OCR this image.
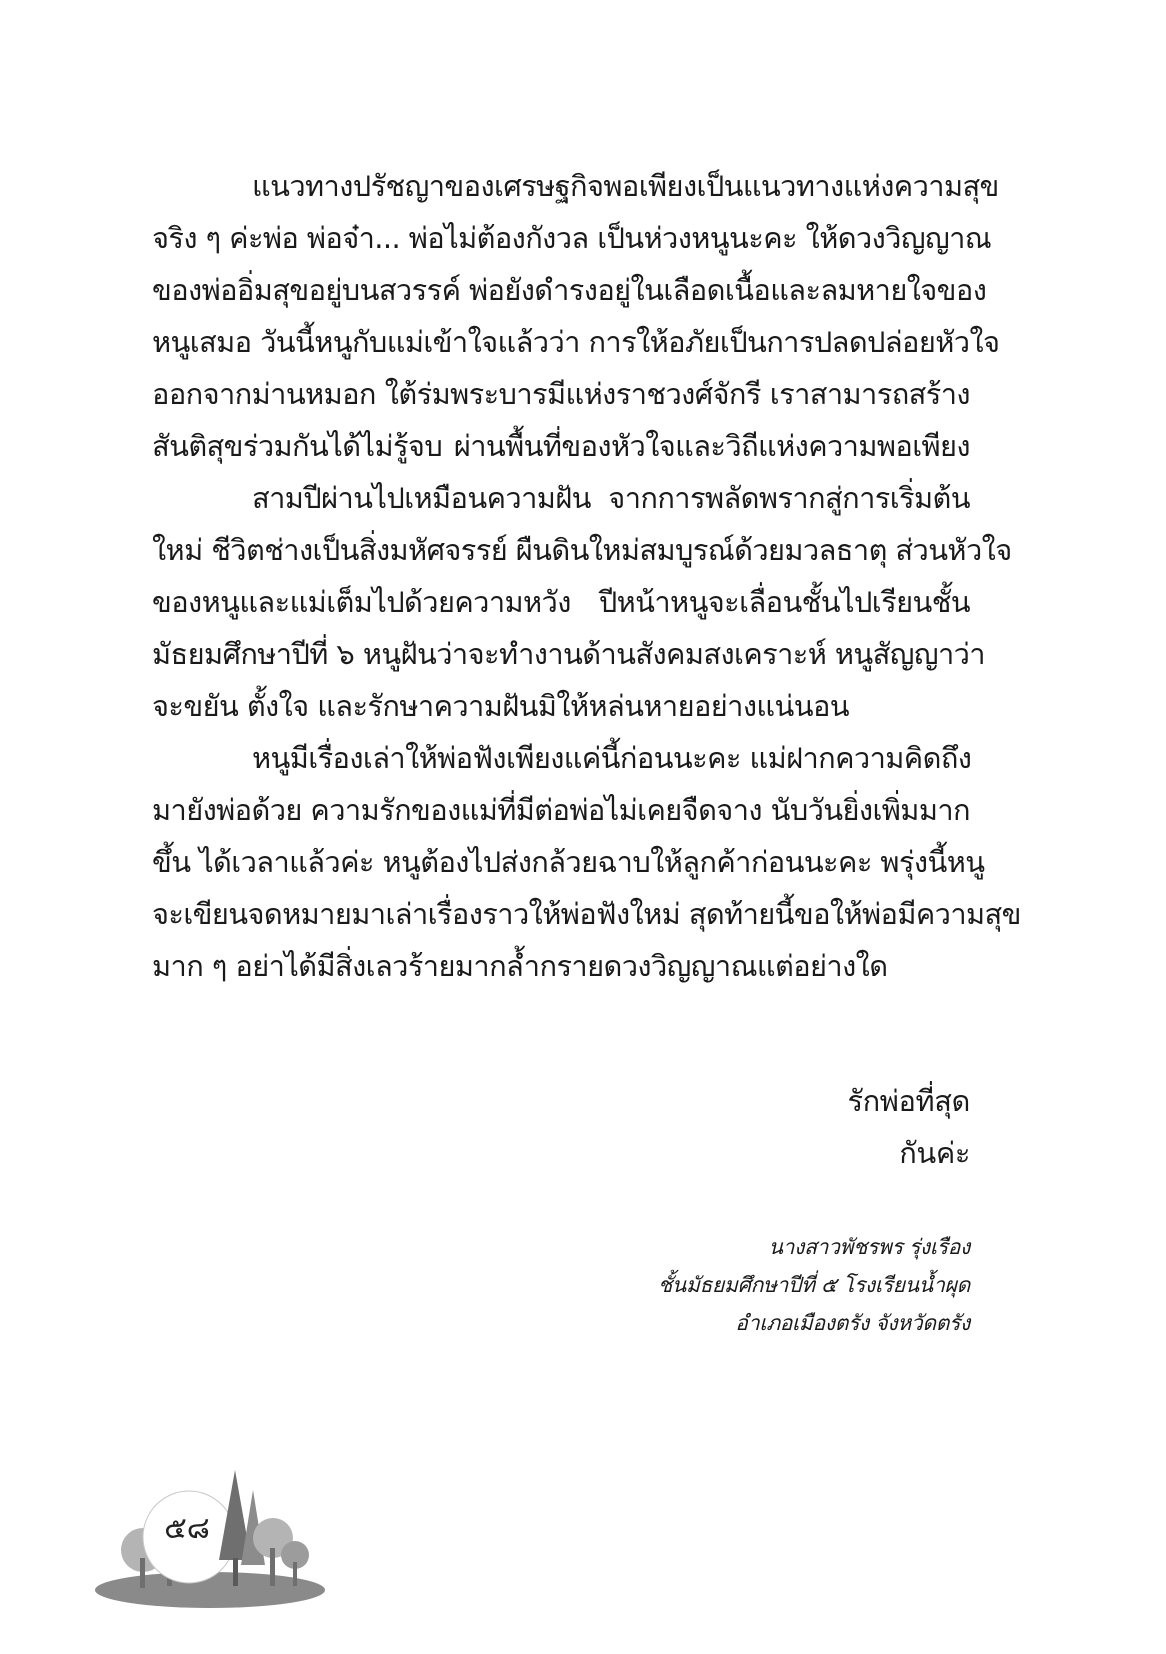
แนวทางปรัชญาของเศรษฐกิจพอเพียงเป็นแนวทางแห่งความสุข
จริง ๆ ค่ะพ่อ พ่อจ๋า... พ่อไม่ต้องกังวล เป็นห่วงหนูนะคะ ให้ดวงวิญญาณ
ของพ่ออิ่มสุขอยู่บนสวรรค์ พ่อยังดำรงอยู่ในเลือดเนื้อและลมหายใจของ
หนูเสมอ วันนี้หนูกับแม่เข้าใจแล้วว่า การให้อภัยเป็นการปลดปล่อยหัวใจ
ออกจากม่านหมอก ใต้ร่มพระบารมีแห่งราชวงศ์จักรี เราสามารถสร้าง
สันติสุขร่วมกันได้ไม่รู้จบ ผ่านพื้นที่ของหัวใจและวิถีแห่งความพอเพียง
สามปีผ่านไปเหมือนความฝัน จากการพลัดพรากสู่การเริ่มต้น
ใหม่ ชีวิตช่างเป็นสิ่งมหัศจรรย์ ผืนดินใหม่สมบูรณ์ด้วยมวลธาตุ ส่วนหัวใจ
ของหนูและแม่เต็มไปด้วยความหวัง ปีหน้าหนูจะเลื่อนชั้นไปเรียนชั้น
มัธยมศึกษาปีที่ ๖ หนูฝันว่าจะทำงานด้านสังคมสงเคราะห์ หนูสัญญาว่า
จะขยัน ตั้งใจ และรักษาความฝันมิให้หล่นหายอย่างแน่นอน
หนูมีเรื่องเล่าให้พ่อฟังเพียงแค่นี้ก่อนนะคะ แม่ฝากความคิดถึง
มายังพ่อด้วย ความรักของแม่ที่มีต่อพ่อไม่เคยจืดจาง นับวันยิ่งเพิ่มมาก
ขึ้น ได้เวลาแล้วค่ะ หนูต้องไปส่งกล้วยฉาบให้ลูกค้าก่อนนะคะ พรุ่งนี้หนู
จะเขียนจดหมายมาเล่าเรื่องราวให้พ่อฟังใหม่ สุดท้ายนี้ขอให้พ่อมีความสุข
มาก ๆ อย่าได้มีสิ่งเลวร้ายมากล้ำกรายดวงวิญญาณแต่อย่างใด
รักพ่อที่สุด
กันค่ะ
นางสาวพัชรพร รุ่งเรือง
ชั้นมัธยมศึกษาปีที่ ๕ โรงเรียนน้ำผุด
อำเภอเมืองตรัง จังหวัดตรัง
๕๘
